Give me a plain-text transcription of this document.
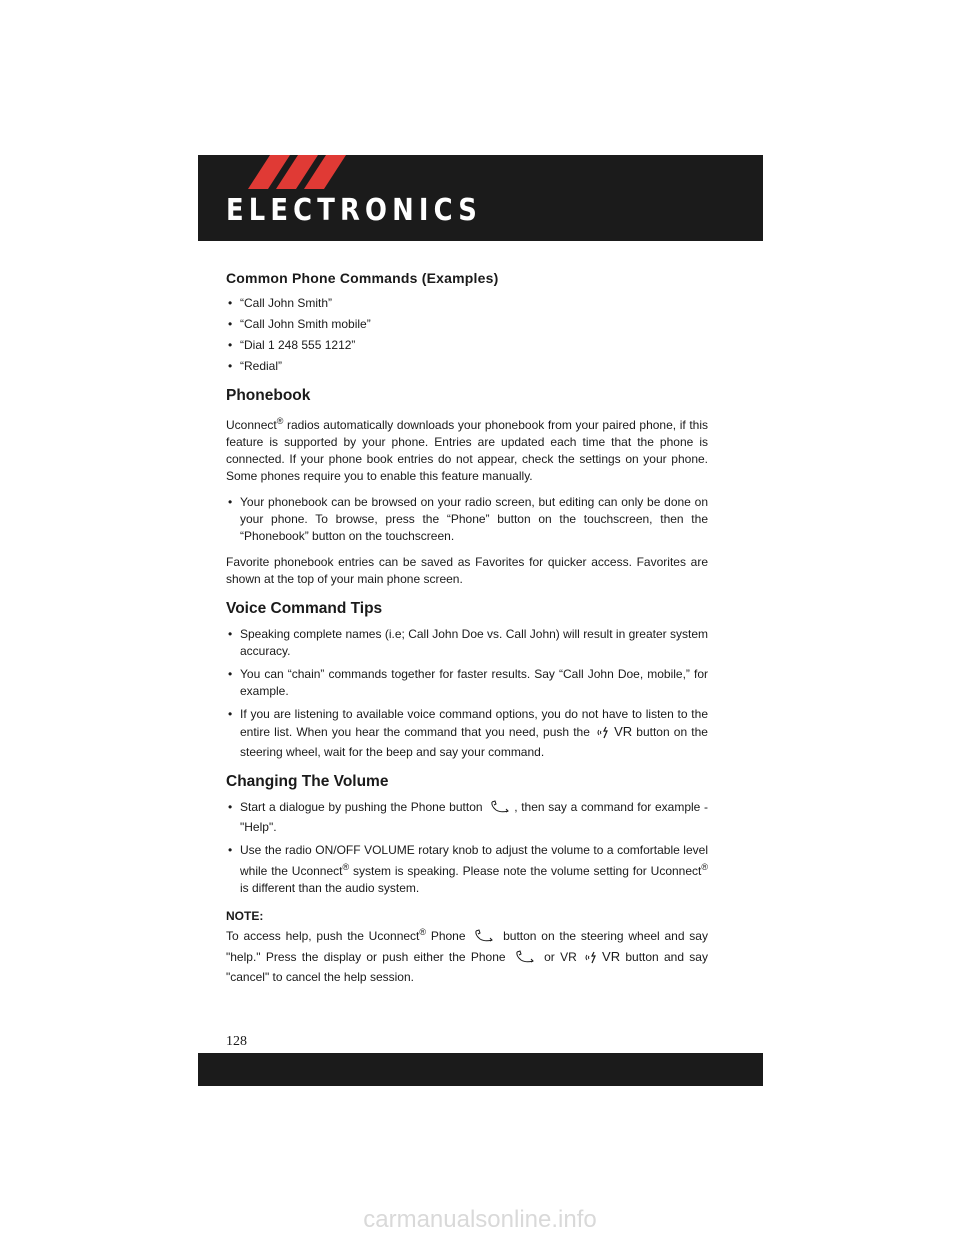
ELECTRONICS
Common Phone Commands (Examples)
• “Call John Smith”
• “Call John Smith mobile”
• “Dial 1 248 555 1212”
• “Redial”
Phonebook

Uconnect® radios automatically downloads your phonebook from your paired phone, if this feature is supported by your phone. Entries are updated each time that the phone is connected. If your phone book entries do not appear, check the settings on your phone. Some phones require you to enable this feature manually.

• Your phonebook can be browsed on your radio screen, but editing can only be done on your phone. To browse, press the “Phone” button on the touchscreen, then the “Phonebook” button on the touchscreen.

Favorite phonebook entries can be saved as Favorites for quicker access. Favorites are shown at the top of your main phone screen.

Voice Command Tips
• Speaking complete names (i.e; Call John Doe vs. Call John) will result in greater system accuracy.
• You can “chain” commands together for faster results. Say “Call John Doe, mobile,” for example.
• If you are listening to available voice command options, you do not have to listen to the entire list. When you hear the command that you need, push the VR button on the steering wheel, wait for the beep and say your command.
Changing The Volume
• Start a dialogue by pushing the Phone button	, then say a command for example - "Help".
• Use the radio ON/OFF VOLUME rotary knob to adjust the volume to a comfortable level while the Uconnect® system is speaking. Please note the volume setting for Uconnect® is different than the audio system.
NOTE:

To access help, push the Uconnect® Phone	button on the steering wheel and say "help." Press the display or push either the Phone	or VR VR button and say "cancel" to cancel the help session.

128
carmanualsonline.info
